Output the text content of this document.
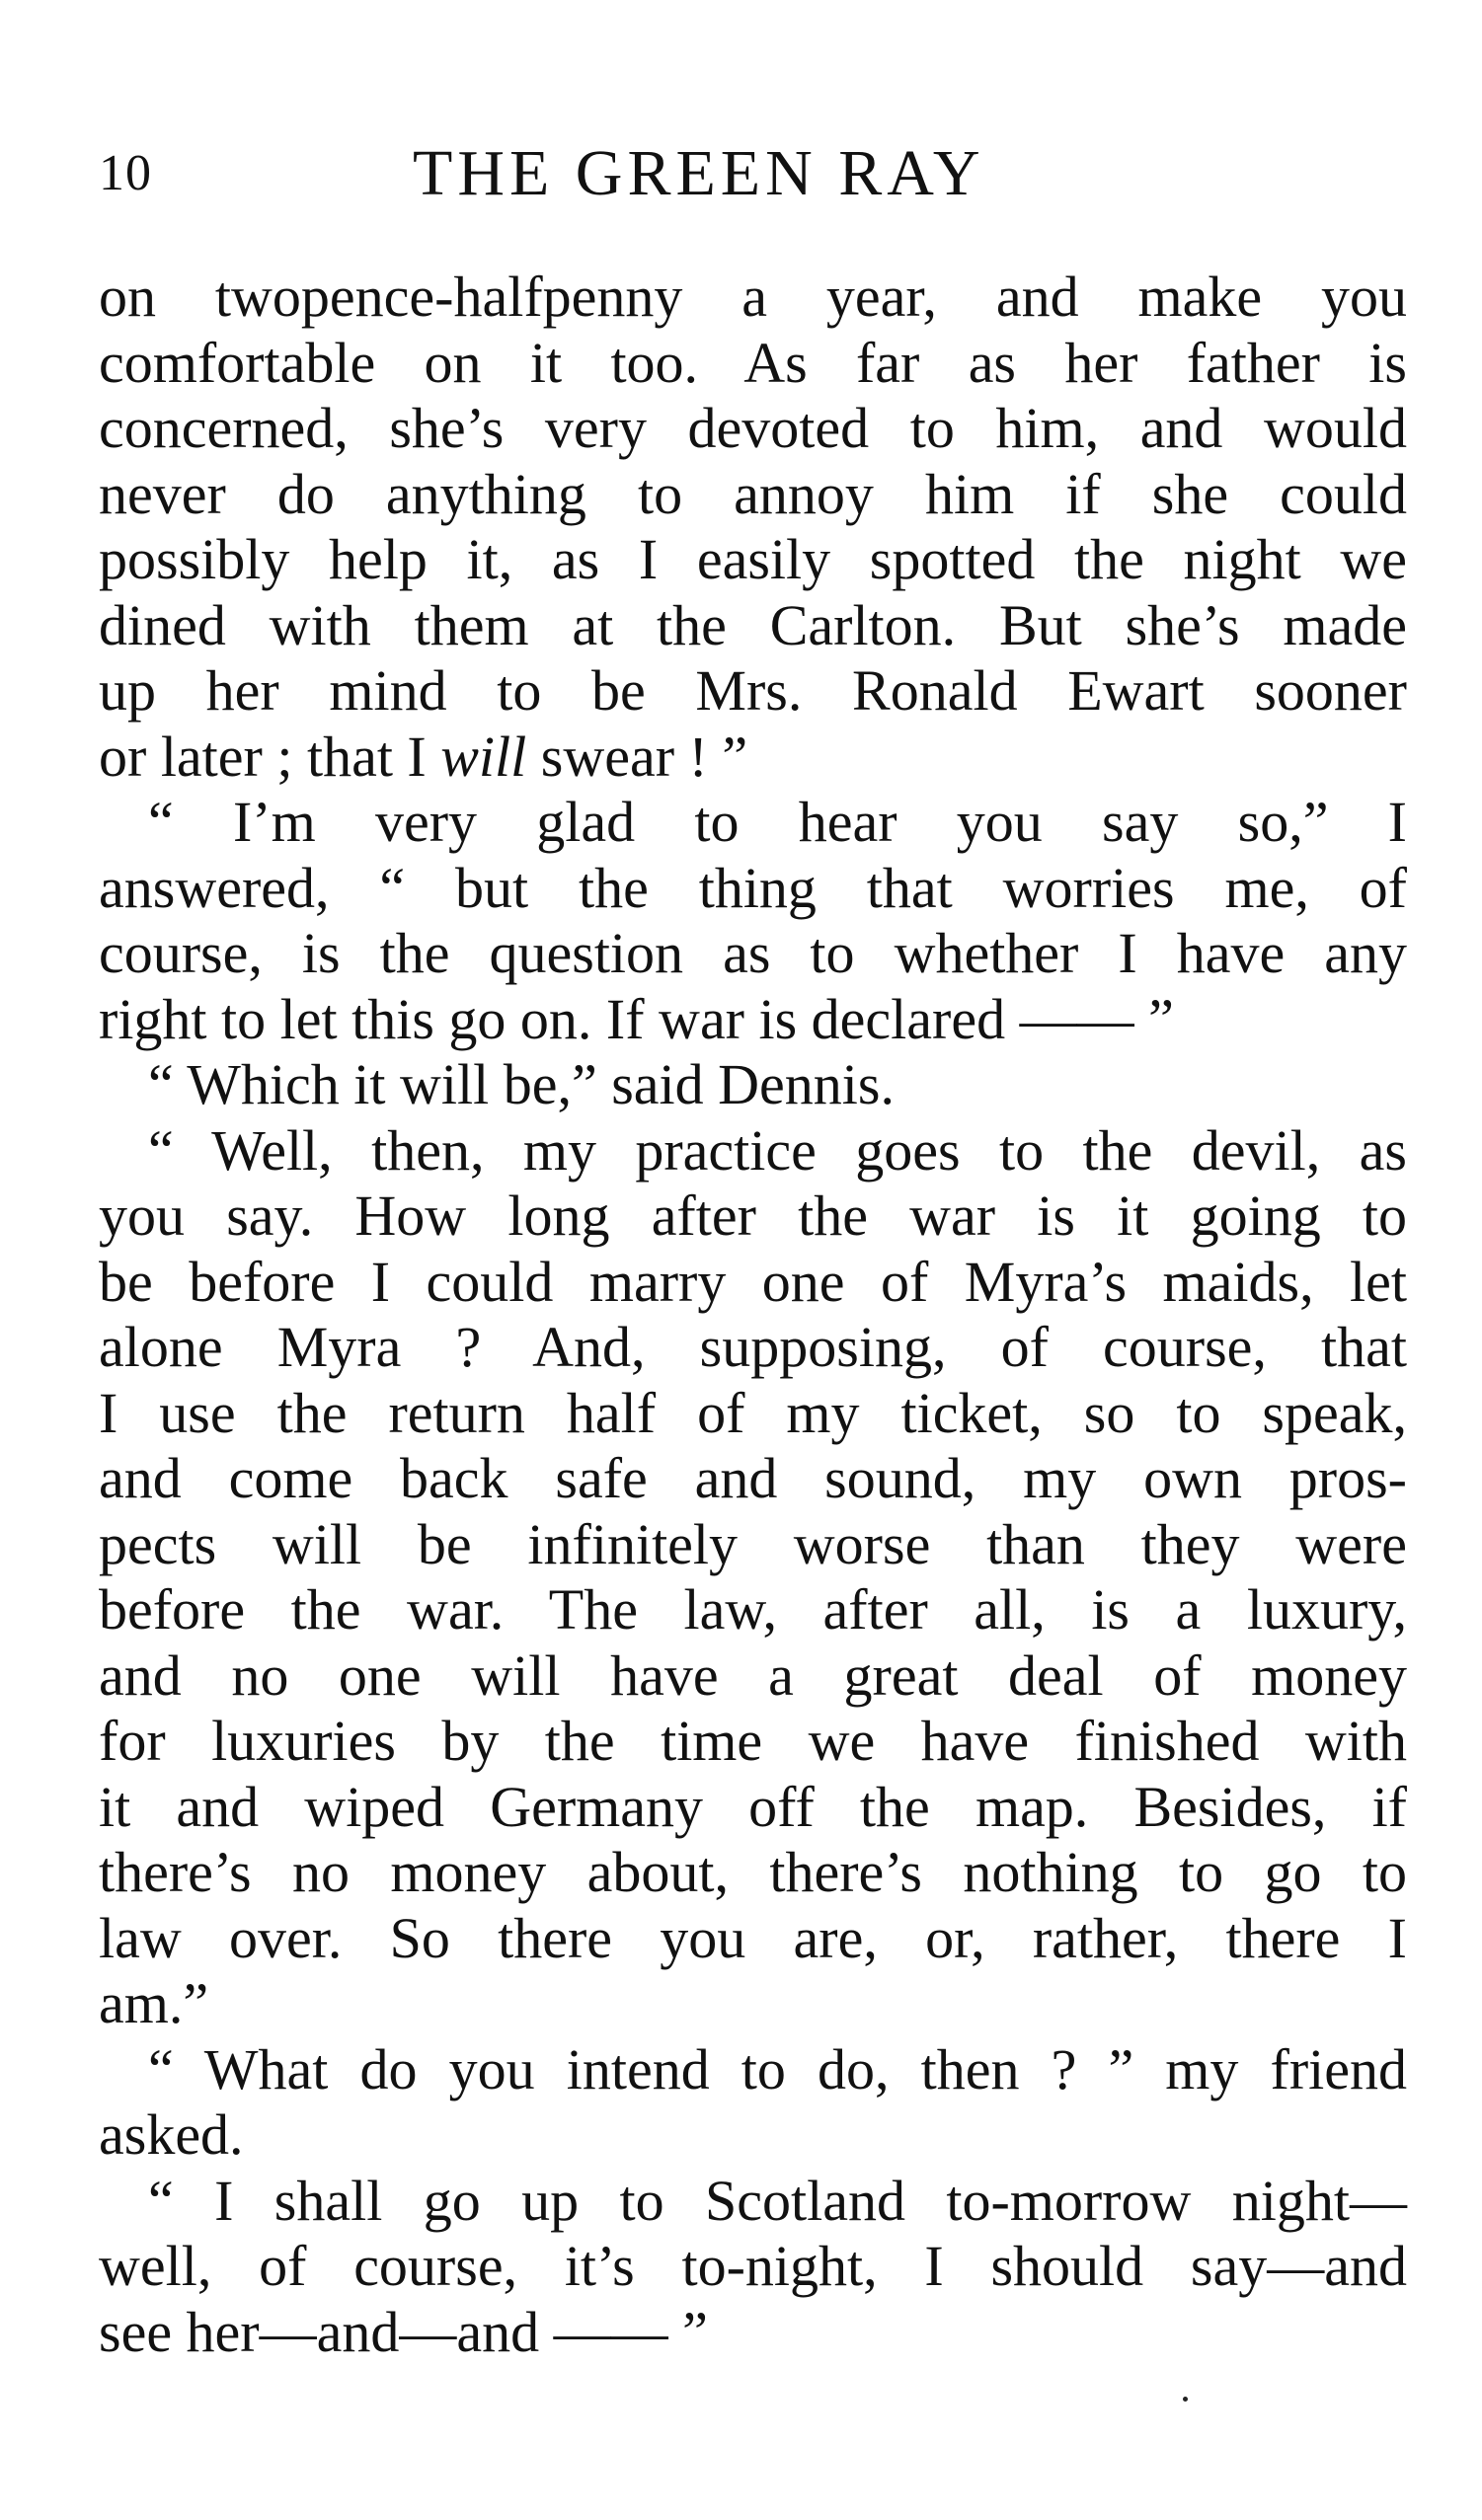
10	THE GREEN RAY
on twopence-halfpenny a year, and make you
comfortable on it too. As far as her father is
concerned, she’s very devoted to him, and would
never do anything to annoy him if she could
possibly help it, as I easily spotted the night we
dined with them at the Carlton. But she’s made
up her mind to be Mrs. Ronald Ewart sooner
or later ; that I will swear ! ”
“ I’m very glad to hear you say so,” I
answered, “ but the thing that worries me, of
course, is the question as to whether I have any
right to let this go on. If war is declared —— ”
“ Which it will be,” said Dennis.
“ Well, then, my practice goes to the devil, as
you say. How long after the war is it going to
be before I could marry one of Myra’s maids, let
alone Myra ? And, supposing, of course, that
I use the return half of my ticket, so to speak,
and come back safe and sound, my own pros-
pects will be infinitely worse than they were
before the war. The law, after all, is a luxury,
and no one will have a great deal of money
for luxuries by the time we have finished with
it and wiped Germany off the map. Besides, if
there’s no money about, there’s nothing to go to
law over. So there you are, or, rather, there I
am.”
“ What do you intend to do, then ? ” my friend
asked.
“ I shall go up to Scotland to-morrow night—
well, of course, it’s to-night, I should say—and
see her—and—and —— ”
